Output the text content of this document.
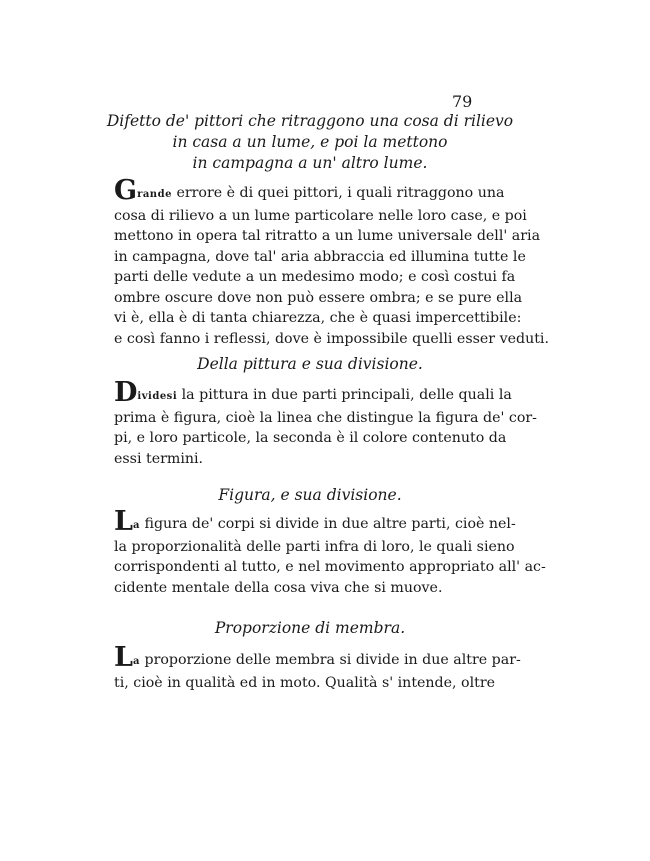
79
Difetto de' pittori che ritraggono una cosa di rilievo
in casa a un lume, e poi la mettono
in campagna a un' altro lume.
Grande errore è di quei pittori, i quali ritraggono una
cosa di rilievo a un lume particolare nelle loro case, e poi
mettono in opera tal ritratto a un lume universale dell' aria
in campagna, dove tal' aria abbraccia ed illumina tutte le
parti delle vedute a un medesimo modo; e così costui fa
ombre oscure dove non può essere ombra; e se pure ella
vi è, ella è di tanta chiarezza, che è quasi impercettibile:
e così fanno i reflessi, dove è impossibile quelli esser veduti.
Della pittura e sua divisione.
Dividesi la pittura in due parti principali, delle quali la
prima è figura, cioè la linea che distingue la figura de' cor-
pi, e loro particole, la seconda è il colore contenuto da
essi termini.
Figura, e sua divisione.
La figura de' corpi si divide in due altre parti, cioè nel-
la proporzionalità delle parti infra di loro, le quali sieno
corrispondenti al tutto, e nel movimento appropriato all' ac-
cidente mentale della cosa viva che si muove.
Proporzione di membra.
La proporzione delle membra si divide in due altre par-
ti, cioè in qualità ed in moto. Qualità s' intende, oltre
